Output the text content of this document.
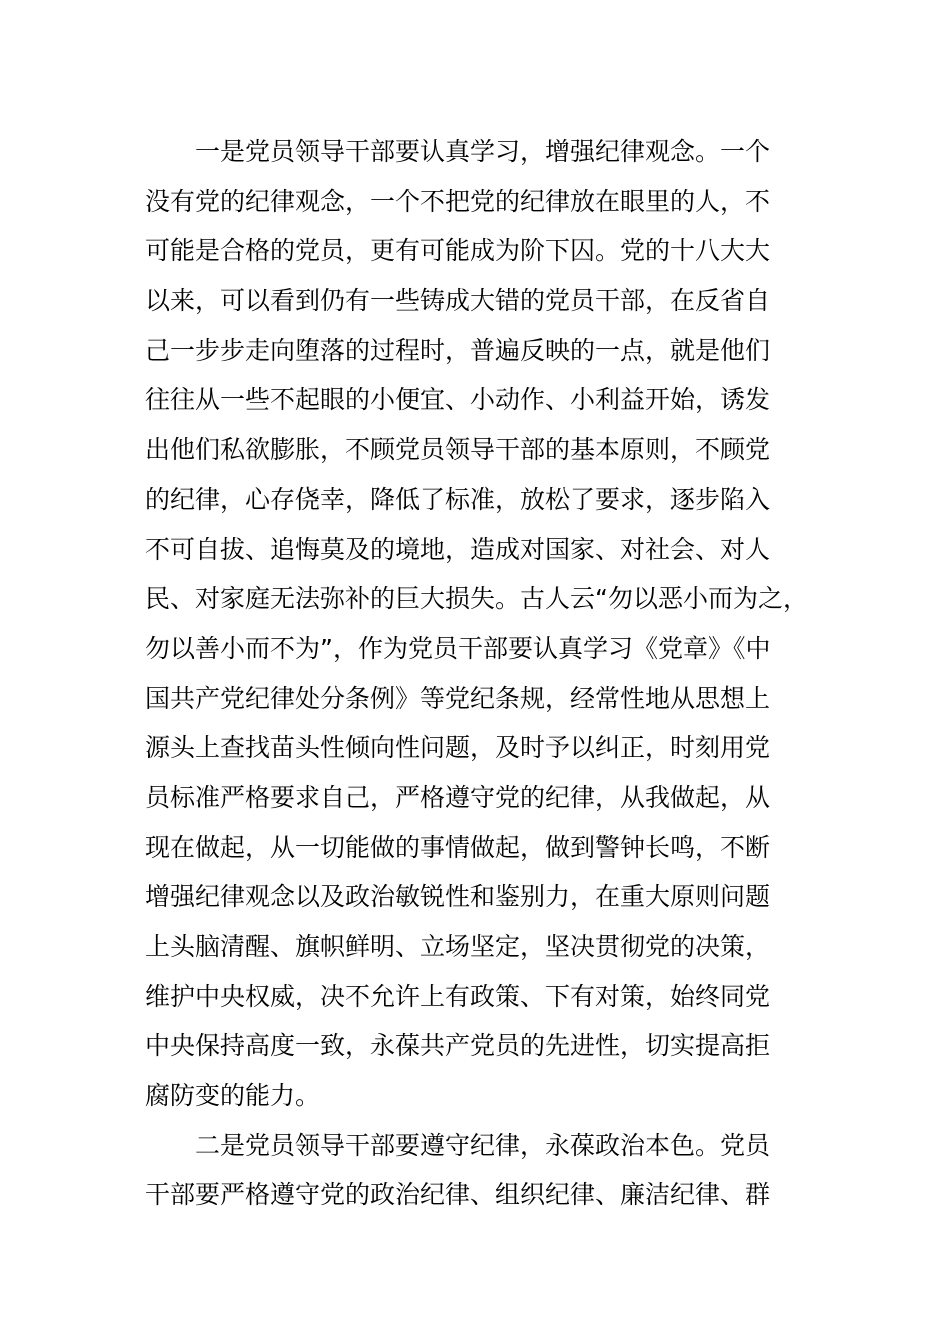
一是党员领导干部要认真学习，增强纪律观念。一个
没有党的纪律观念，一个不把党的纪律放在眼里的人，不
可能是合格的党员，更有可能成为阶下囚。党的十八大大
以来，可以看到仍有一些铸成大错的党员干部，在反省自
己一步步走向堕落的过程时，普遍反映的一点，就是他们
往往从一些不起眼的小便宜、小动作、小利益开始，诱发
出他们私欲膨胀，不顾党员领导干部的基本原则，不顾党
的纪律，心存侥幸，降低了标准，放松了要求，逐步陷入
不可自拔、追悔莫及的境地，造成对国家、对社会、对人
民、对家庭无法弥补的巨大损失。古人云“勿以恶小而为之，
勿以善小而不为”，作为党员干部要认真学习《党章》《中
国共产党纪律处分条例》等党纪条规，经常性地从思想上
源头上查找苗头性倾向性问题，及时予以纠正，时刻用党
员标准严格要求自己，严格遵守党的纪律，从我做起，从
现在做起，从一切能做的事情做起，做到警钟长鸣，不断
增强纪律观念以及政治敏锐性和鉴别力，在重大原则问题
上头脑清醒、旗帜鲜明、立场坚定，坚决贯彻党的决策，
维护中央权威，决不允许上有政策、下有对策，始终同党
中央保持高度一致，永葆共产党员的先进性，切实提高拒
腐防变的能力。
二是党员领导干部要遵守纪律，永葆政治本色。党员
干部要严格遵守党的政治纪律、组织纪律、廉洁纪律、群
